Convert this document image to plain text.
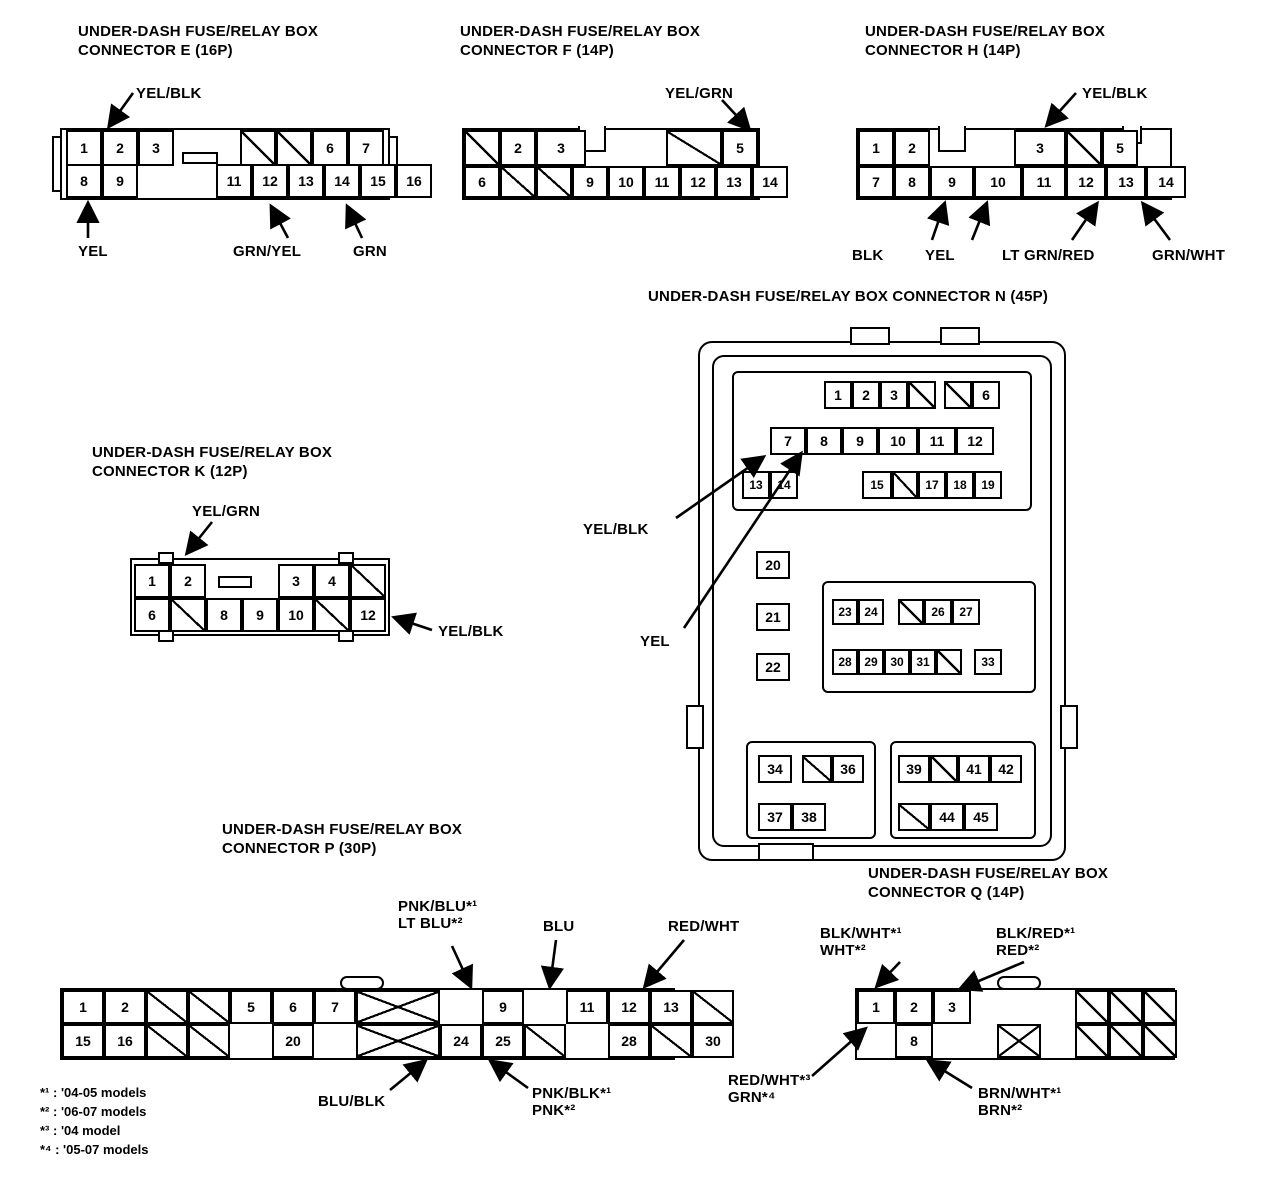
UNDER-DASH FUSE/RELAY BOX
CONNECTOR E (16P)
UNDER-DASH FUSE/RELAY BOX
CONNECTOR F (14P)
UNDER-DASH FUSE/RELAY BOX
CONNECTOR H (14P)
UNDER-DASH FUSE/RELAY BOX
CONNECTOR K (12P)
UNDER-DASH FUSE/RELAY BOX CONNECTOR N (45P)
UNDER-DASH FUSE/RELAY BOX
CONNECTOR P (30P)
UNDER-DASH FUSE/RELAY BOX
CONNECTOR Q (14P)
1 2 3	6 7
8 9	11 12 13 14 15 16
YEL/BLK
YEL	GRN/YEL	GRN
2	3	5
6	9 10 11 12 13 14
YEL/GRN
1 2	3	5
7 8 9 10 11 12 13 14
YEL/BLK
BLK	YEL	LT GRN/RED	GRN/WHT
1 2	3 4
6	8 9 10	12
YEL/GRN
YEL/BLK
1 2 3	6
7 8 9 10 11 12
13 14	15	17 18 19
20
21
22
23 24	26 27
28 29 30 31	33
34	36
37 38
39	41 42
44 45
YEL/BLK
YEL
1 2	5 6 7	9	11 12 13
15 16	20	24 25	28	30
PNK/BLU*¹
LT BLU*²	BLU	RED/WHT
BLU/BLK	PNK/BLK*¹
PNK*²
1 2 3
8
BLK/WHT*¹
WHT*²
BLK/RED*¹
RED*²
RED/WHT*³
GRN*⁴	BRN/WHT*¹
BRN*²
*¹ : '04-05 models
*² : '06-07 models
*³ : '04 model
*⁴ : '05-07 models
